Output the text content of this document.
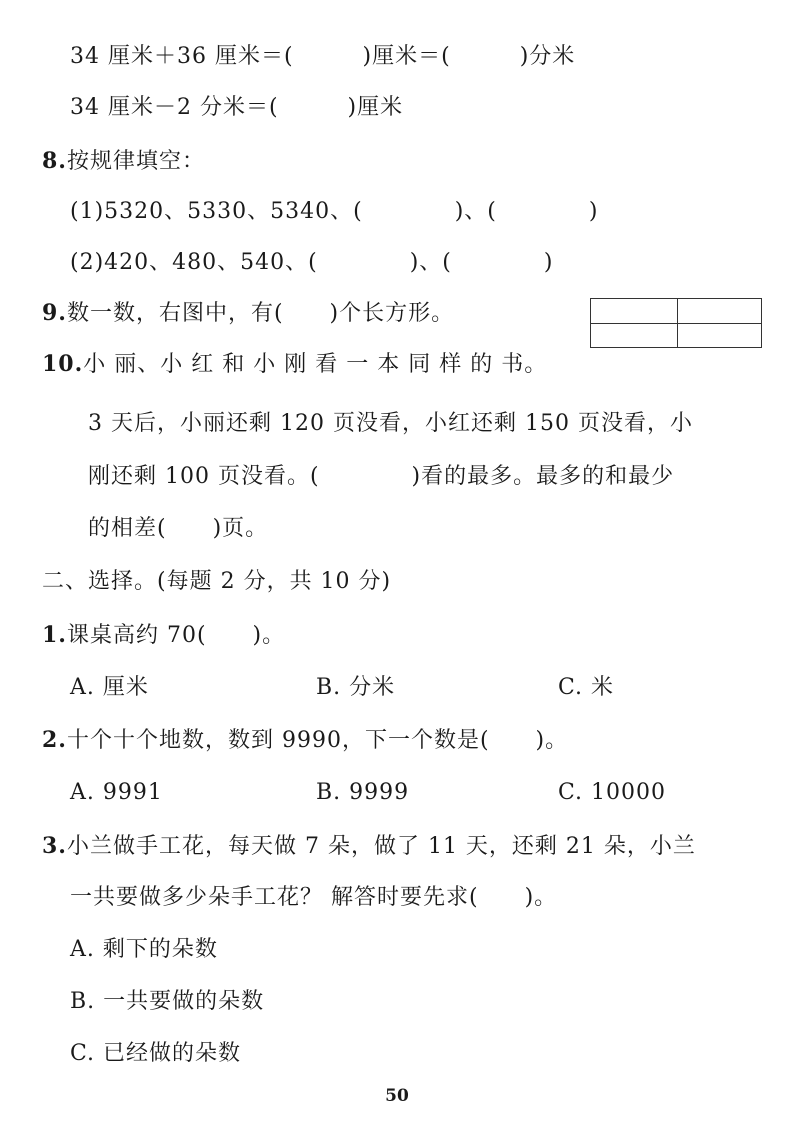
34 厘米＋36 厘米＝(　　　)厘米＝(　　　)分米
34 厘米－2 分米＝(　　　)厘米
8.按规律填空：
(1)5320、5330、5340、(　　　　)、(　　　　)
(2)420、480、540、(　　　　)、(　　　　)
9.数一数，右图中，有(　　)个长方形。
10.小 丽、小 红 和 小 刚 看 一 本 同 样 的 书。
3 天后，小丽还剩 120 页没看，小红还剩 150 页没看，小
刚还剩 100 页没看。(　　　　)看的最多。最多的和最少
的相差(　　)页。
二、选择。(每题 2 分，共 10 分)
1.课桌高约 70(　　)。
A. 厘米	B. 分米	C. 米
2.十个十个地数，数到 9990，下一个数是(　　)。
A. 9991	B. 9999	C. 10000
3.小兰做手工花，每天做 7 朵，做了 11 天，还剩 21 朵，小兰
一共要做多少朵手工花？ 解答时要先求(　　)。
A. 剩下的朵数
B. 一共要做的朵数
C. 已经做的朵数
50
